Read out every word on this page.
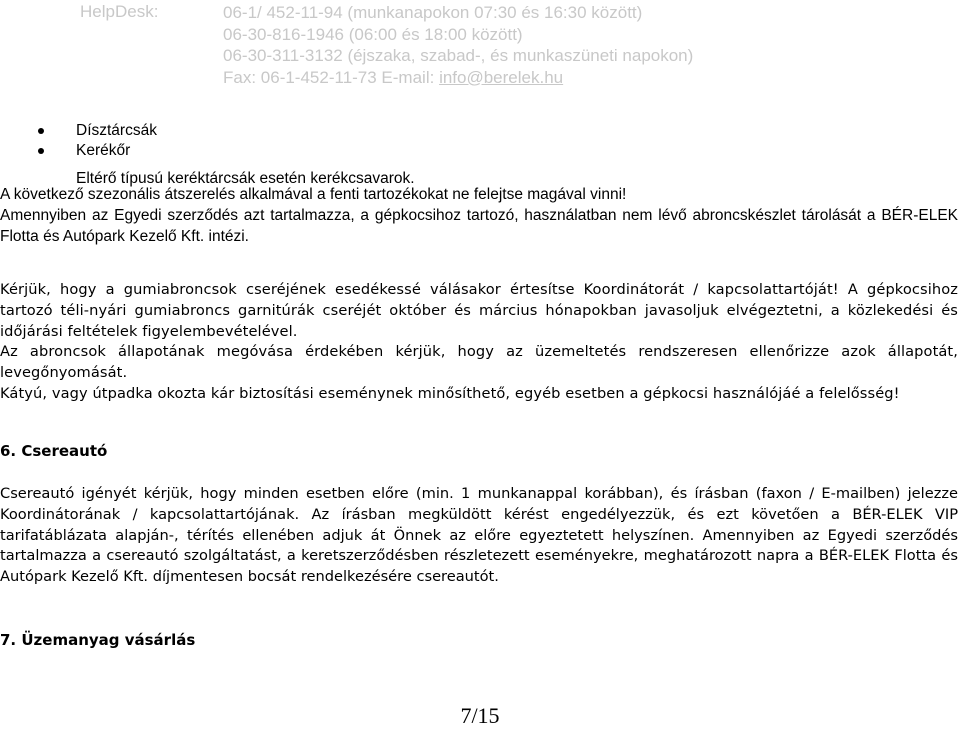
HelpDesk:	06-1/ 452-11-94 (munkanapokon 07:30 és 16:30 között)
06-30-816-1946 (06:00 és 18:00 között)
06-30-311-3132 (éjszaka, szabad-, és munkaszüneti napokon)
Fax: 06-1-452-11-73 E-mail: info@berelek.hu
Dísztárcsák
Kerékőr
Eltérő típusú keréktárcsák esetén kerékcsavarok.

A következő szezonális átszerelés alkalmával a fenti tartozékokat ne felejtse magával vinni!

Amennyiben az Egyedi szerződés azt tartalmazza, a gépkocsihoz tartozó, használatban nem lévő abroncskészlet tárolását a BÉR-ELEK Flotta és Autópark Kezelő Kft. intézi.

Kérjük, hogy a gumiabroncsok cseréjének esedékessé válásakor értesítse Koordinátorát / kapcsolattartóját! A gépkocsihoz tartozó téli-nyári gumiabroncs garnitúrák cseréjét október és március hónapokban javasoljuk elvégeztetni, a közlekedési és időjárási feltételek figyelembevételével.

Az abroncsok állapotának megóvása érdekében kérjük, hogy az üzemeltetés rendszeresen ellenőrizze azok állapotát, levegőnyomását.

Kátyú, vagy útpadka okozta kár biztosítási eseménynek minősíthető, egyéb esetben a gépkocsi használójáé a felelősség!

6. Csereautó

Csereautó igényét kérjük, hogy minden esetben előre (min. 1 munkanappal korábban), és írásban (faxon / E-mailben) jelezze Koordinátorának / kapcsolattartójának. Az írásban megküldött kérést engedélyezzük, és ezt követően a BÉR-ELEK VIP tarifatáblázata alapján-, térítés ellenében adjuk át Önnek az előre egyeztetett helyszínen. Amennyiben az Egyedi szerződés tartalmazza a csereautó szolgáltatást, a keretszerződésben részletezett eseményekre, meghatározott napra a BÉR-ELEK Flotta és Autópark Kezelő Kft. díjmentesen bocsát rendelkezésére csereautót.

7. Üzemanyag vásárlás
7/15
